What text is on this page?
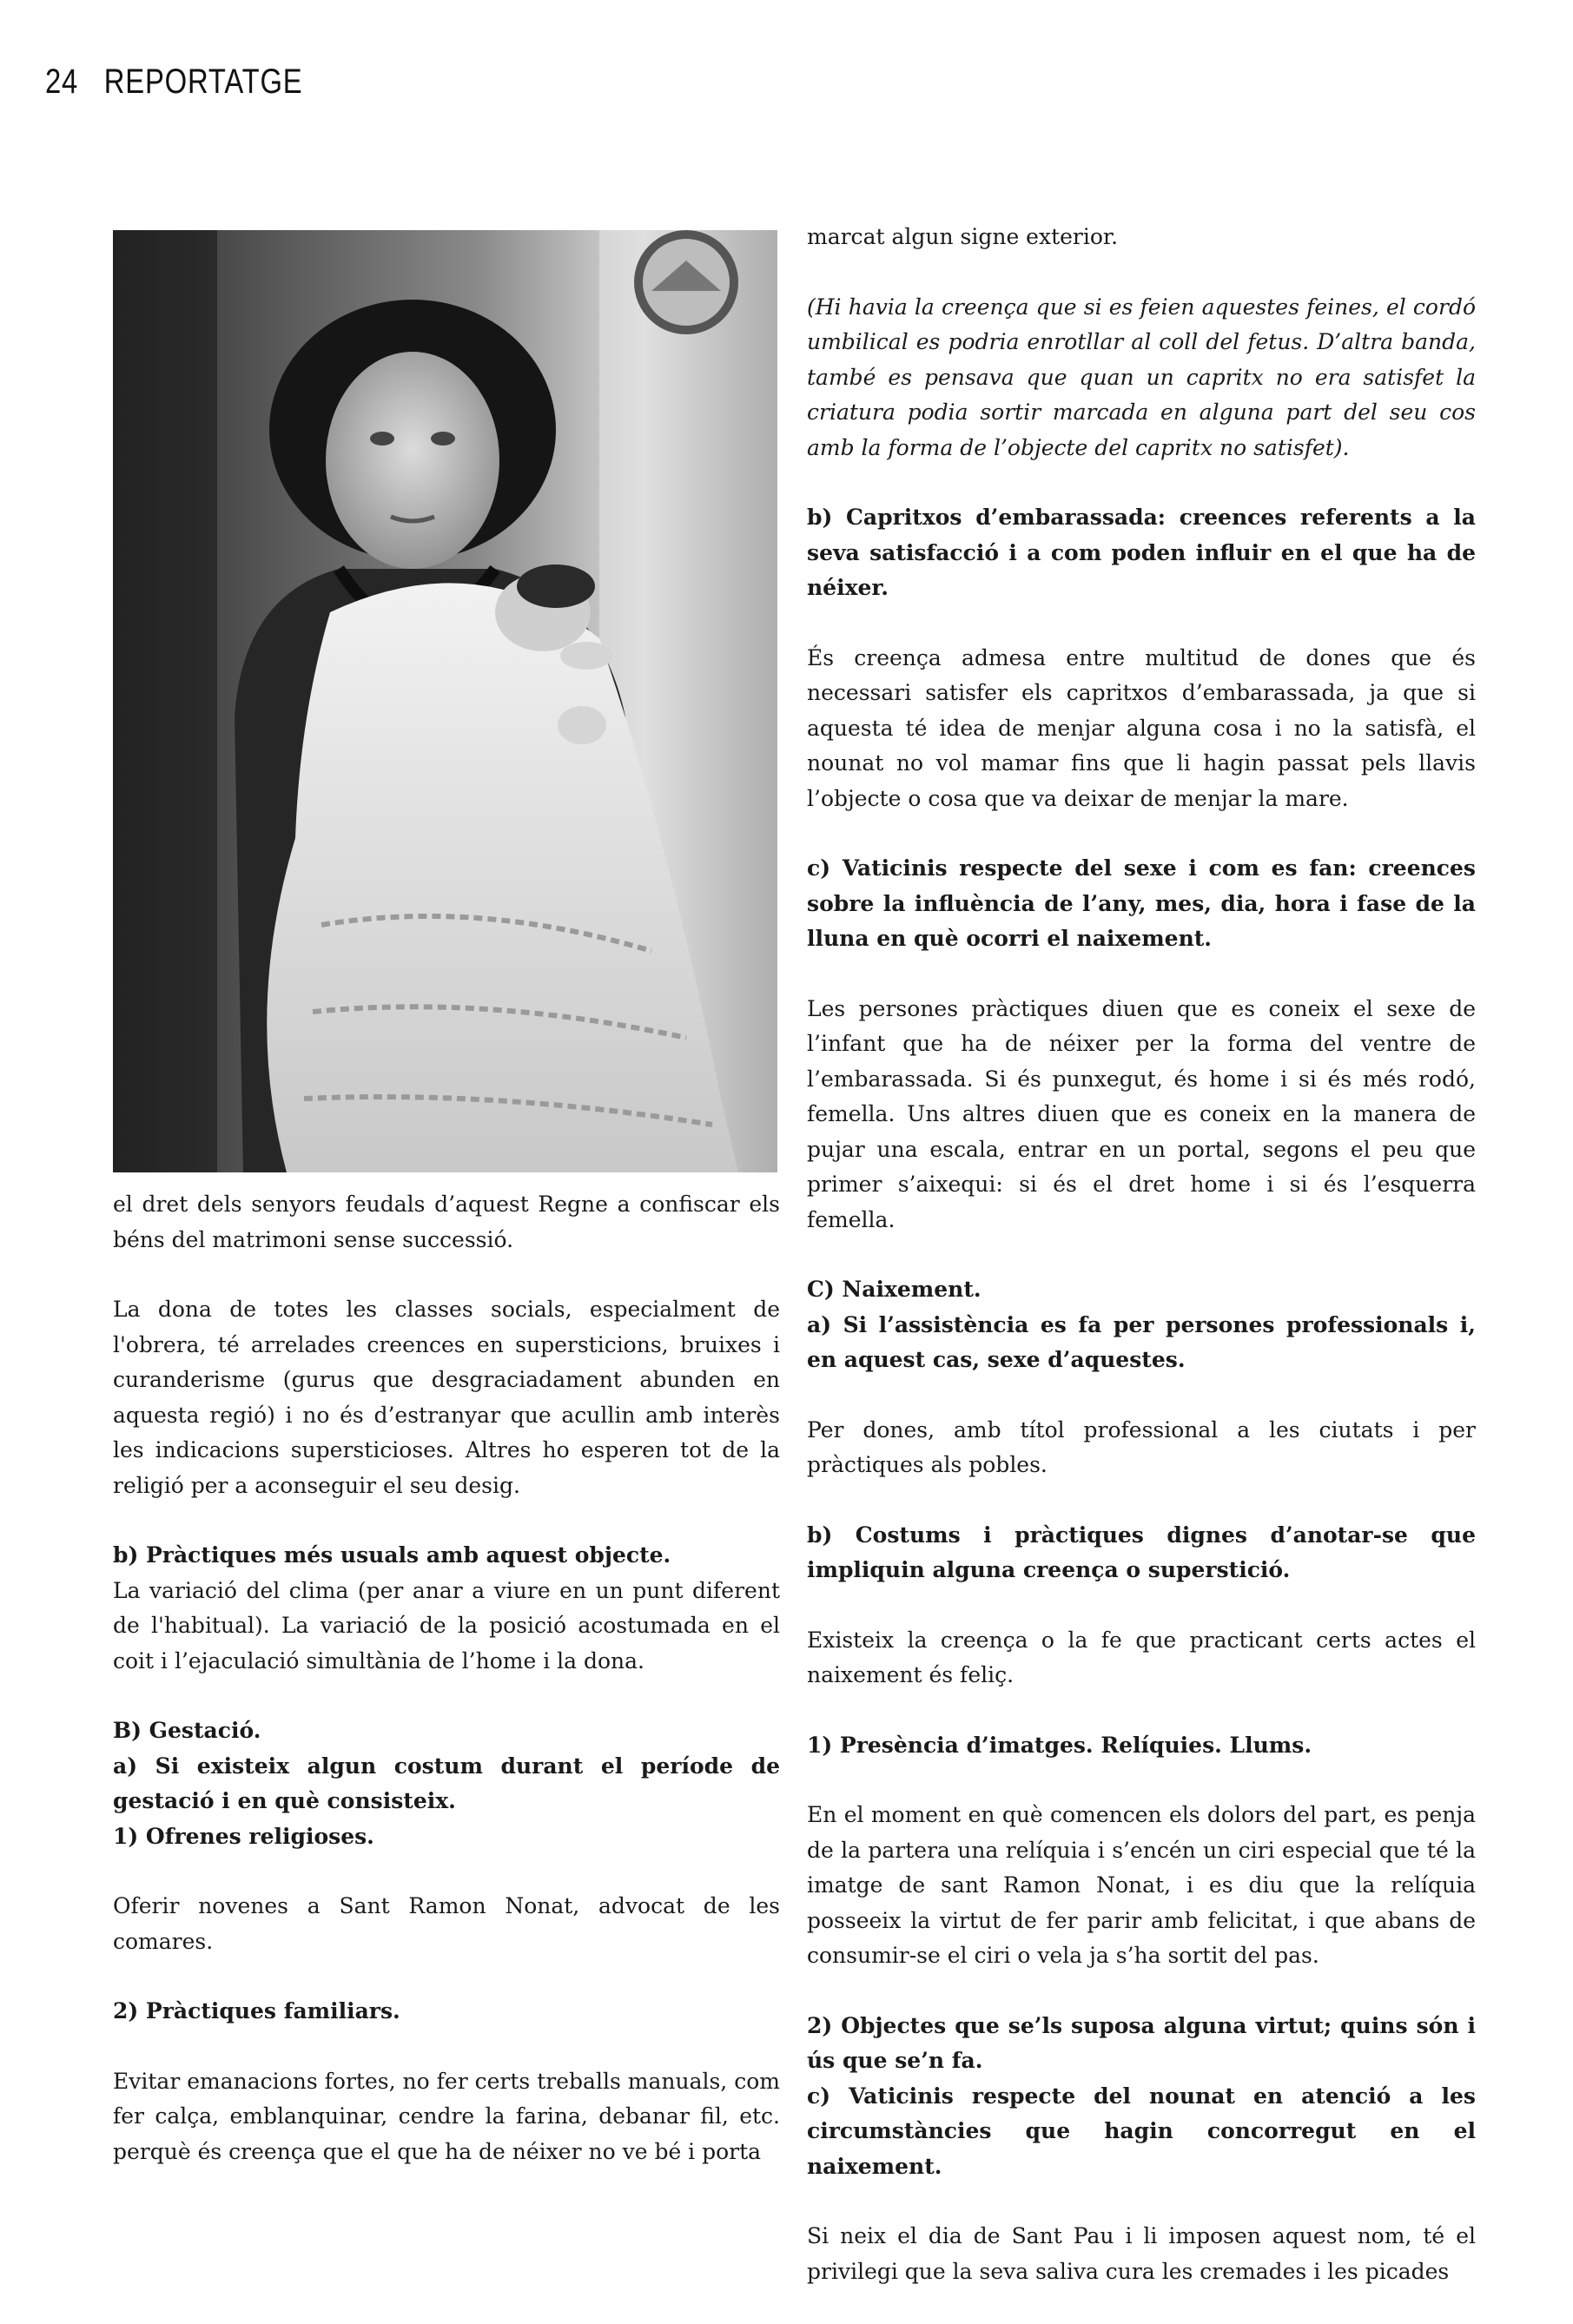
24 REPORTATGE

marcat algun signe exterior.

(Hi havia la creença que si es feien aquestes feines, el cordó umbilical es podria enrotllar al coll del fetus. D’altra banda, també es pensava que quan un capritx no era satisfet la criatura podia sortir marcada en alguna part del seu cos amb la forma de l’objecte del capritx no satisfet).

b) Capritxos d’embarassada: creences referents a la seva satisfacció i a com poden influir en el que ha de néixer.

És creença admesa entre multitud de dones que és necessari satisfer els capritxos d’embarassada, ja que si aquesta té idea de menjar alguna cosa i no la satisfà, el nounat no vol mamar fins que li hagin passat pels llavis l’objecte o cosa que va deixar de menjar la mare.

c) Vaticinis respecte del sexe i com es fan: creences sobre la influència de l’any, mes, dia, hora i fase de la lluna en què ocorri el naixement.

Les persones pràctiques diuen que es coneix el sexe de l’infant que ha de néixer per la forma del ventre de l’embarassada. Si és punxegut, és home i si és més rodó, femella. Uns altres diuen que es coneix en la manera de pujar una escala, entrar en un portal, segons el peu que primer s’aixequi: si és el dret home i si és l’esquerra femella.

C) Naixement.

a) Si l’assistència es fa per persones professionals i, en aquest cas, sexe d’aquestes.

Per dones, amb títol professional a les ciutats i per pràctiques als pobles.

b) Costums i pràctiques dignes d’anotar-se que impliquin alguna creença o superstició.

Existeix la creença o la fe que practicant certs actes el naixement és feliç.

1) Presència d’imatges. Relíquies. Llums.

En el moment en què comencen els dolors del part, es penja de la partera una relíquia i s’encén un ciri especial que té la imatge de sant Ramon Nonat, i es diu que la relíquia posseeix la virtut de fer parir amb felicitat, i que abans de consumir-se el ciri o vela ja s’ha sortit del pas.

2) Objectes que se’ls suposa alguna virtut; quins són i ús que se’n fa.

c) Vaticinis respecte del nounat en atenció a les circumstàncies que hagin concorregut en el naixement.

Si neix el dia de Sant Pau i li imposen aquest nom, té el privilegi que la seva saliva cura les cremades i les picades

el dret dels senyors feudals d’aquest Regne a confiscar els béns del matrimoni sense successió.

La dona de totes les classes socials, especialment de l'obrera, té arrelades creences en supersticions, bruixes i curanderisme (gurus que desgraciadament abunden en aquesta regió) i no és d’estranyar que acullin amb interès les indicacions supersticioses. Altres ho esperen tot de la religió per a aconseguir el seu desig.

b) Pràctiques més usuals amb aquest objecte.

La variació del clima (per anar a viure en un punt diferent de l'habitual). La variació de la posició acostumada en el coit i l’ejaculació simultània de l’home i la dona.

B) Gestació.

a) Si existeix algun costum durant el període de gestació i en què consisteix.

1) Ofrenes religioses.

Oferir novenes a Sant Ramon Nonat, advocat de les comares.

2) Pràctiques familiars.

Evitar emanacions fortes, no fer certs treballs manuals, com fer calça, emblanquinar, cendre la farina, debanar fil, etc. perquè és creença que el que ha de néixer no ve bé i porta
